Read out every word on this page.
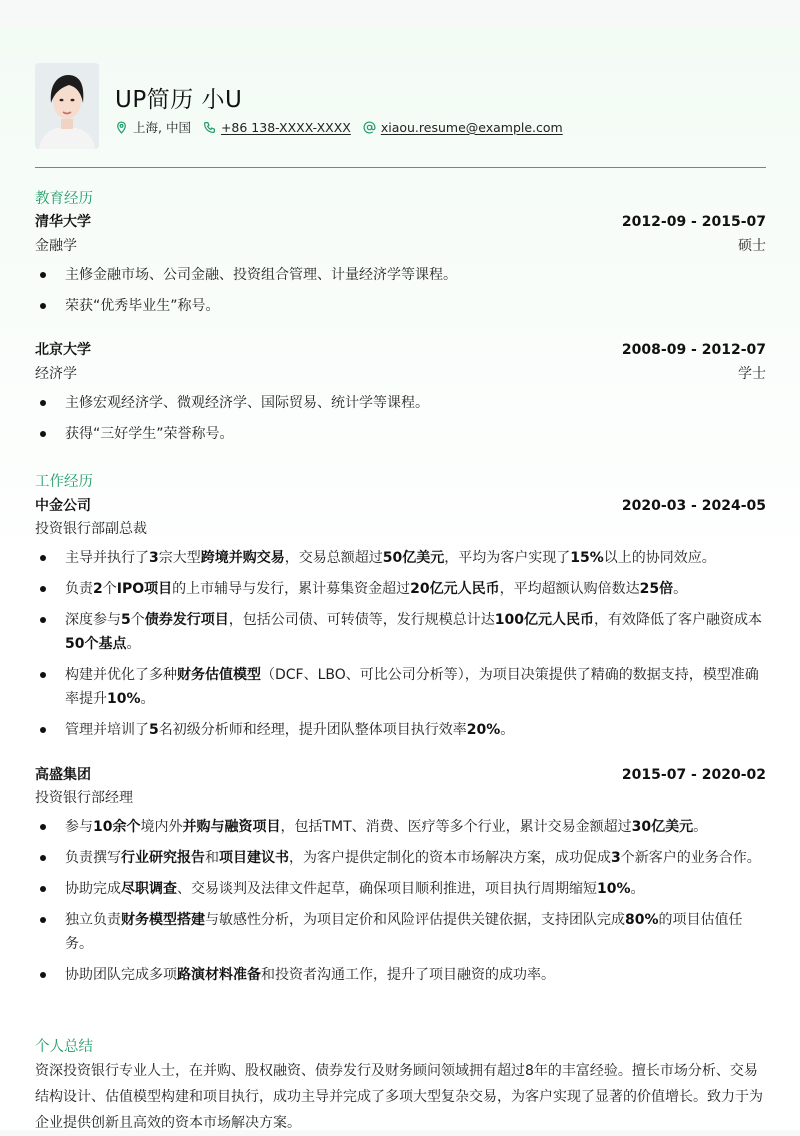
UP简历 小U
上海, 中国 +86 138-XXXX-XXXX xiaou.resume@example.com
教育经历
清华大学	2012-09 - 2015-07
金融学	硕士
主修金融市场、公司金融、投资组合管理、计量经济学等课程。
荣获“优秀毕业生”称号。
北京大学	2008-09 - 2012-07
经济学	学士
主修宏观经济学、微观经济学、国际贸易、统计学等课程。
获得“三好学生”荣誉称号。
工作经历
中金公司	2020-03 - 2024-05
投资银行部副总裁
主导并执行了3宗大型跨境并购交易，交易总额超过50亿美元，平均为客户实现了15%以上的协同效应。
负责2个IPO项目的上市辅导与发行，累计募集资金超过20亿元人民币，平均超额认购倍数达25倍。
深度参与5个债券发行项目，包括公司债、可转债等，发行规模总计达100亿元人民币，有效降低了客户融资成本50个基点。
构建并优化了多种财务估值模型（DCF、LBO、可比公司分析等），为项目决策提供了精确的数据支持，模型准确率提升10%。
管理并培训了5名初级分析师和经理，提升团队整体项目执行效率20%。
高盛集团	2015-07 - 2020-02
投资银行部经理
参与10余个境内外并购与融资项目，包括TMT、消费、医疗等多个行业，累计交易金额超过30亿美元。
负责撰写行业研究报告和项目建议书，为客户提供定制化的资本市场解决方案，成功促成3个新客户的业务合作。
协助完成尽职调查、交易谈判及法律文件起草，确保项目顺利推进，项目执行周期缩短10%。
独立负责财务模型搭建与敏感性分析，为项目定价和风险评估提供关键依据，支持团队完成80%的项目估值任务。
协助团队完成多项路演材料准备和投资者沟通工作，提升了项目融资的成功率。
个人总结

资深投资银行专业人士，在并购、股权融资、债券发行及财务顾问领域拥有超过8年的丰富经验。擅长市场分析、交易结构设计、估值模型构建和项目执行，成功主导并完成了多项大型复杂交易，为客户实现了显著的价值增长。致力于为企业提供创新且高效的资本市场解决方案。
